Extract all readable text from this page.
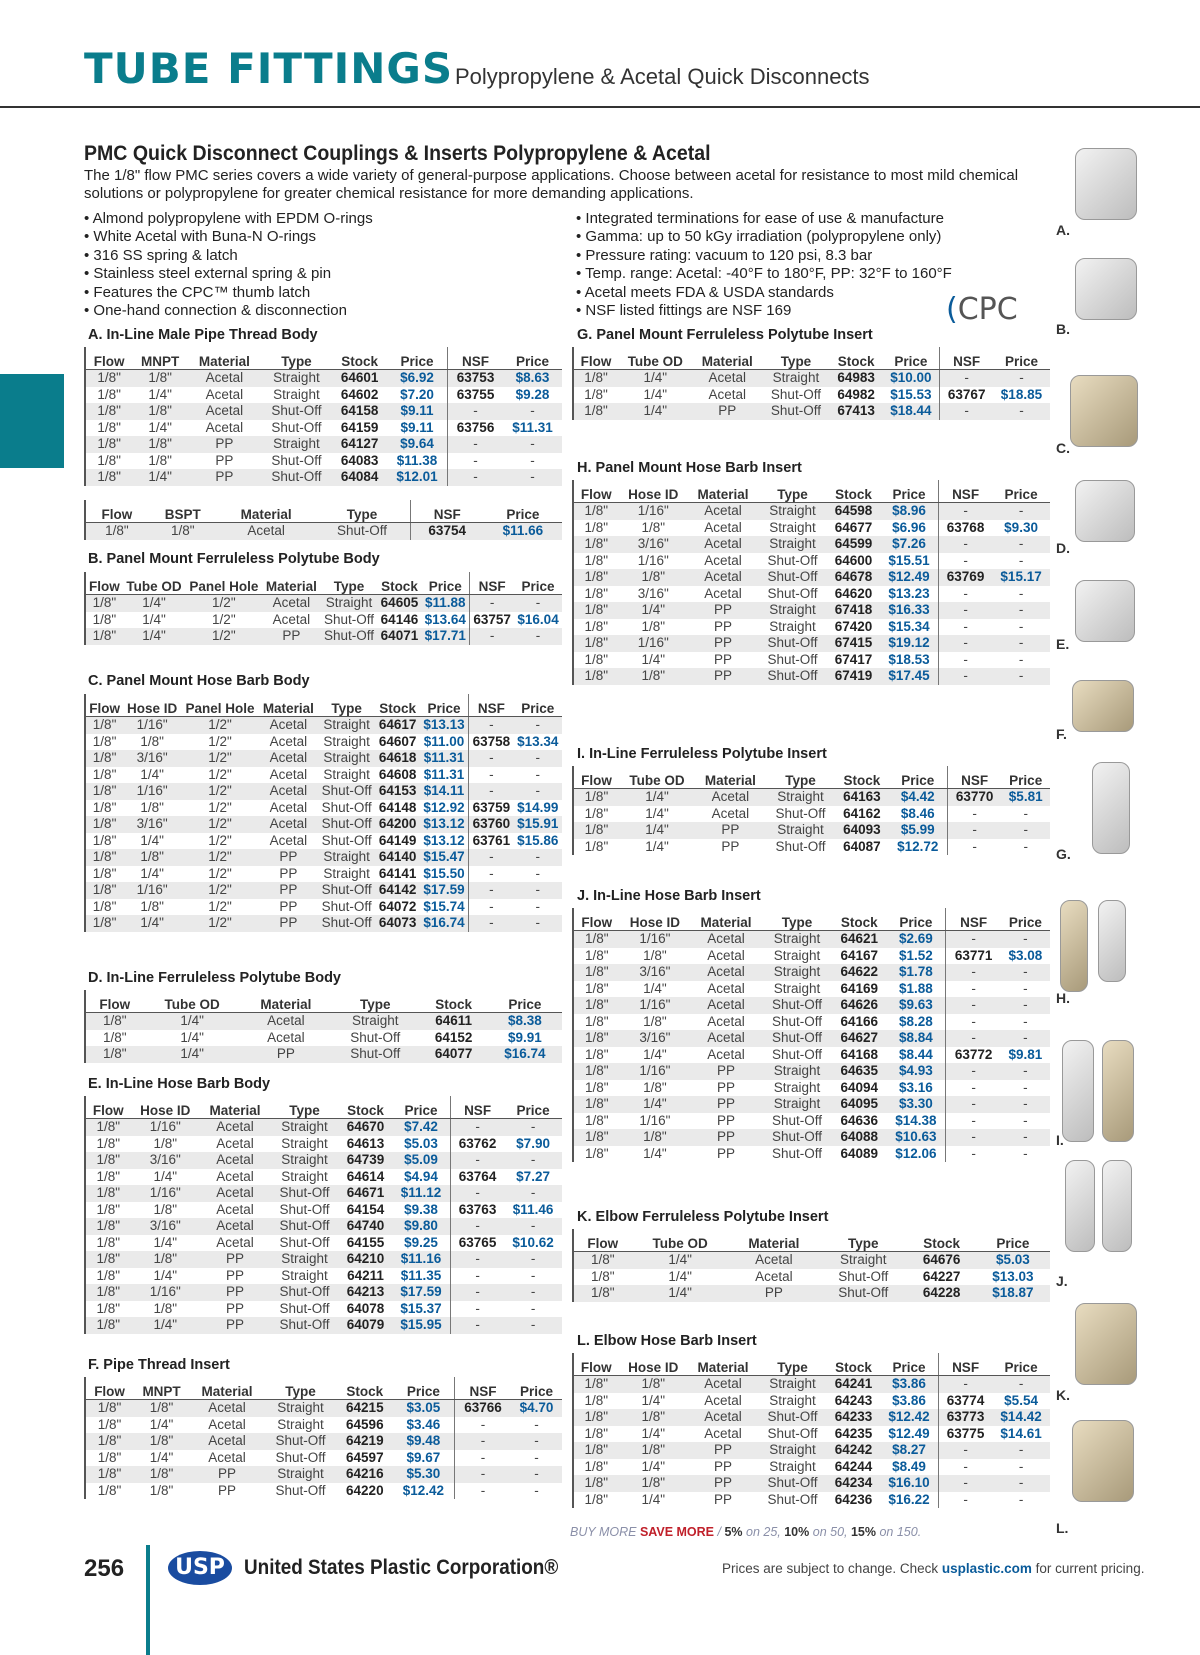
TUBE FITTINGS Polypropylene & Acetal Quick Disconnects
PMC Quick Disconnect Couplings & Inserts Polypropylene & Acetal
The 1/8" flow PMC series covers a wide variety of general-purpose applications. Choose between acetal for resistance to most mild chemical solutions or polypropylene for greater chemical resistance for more demanding applications.
• Almond polypropylene with EPDM O-rings
• White Acetal with Buna-N O-rings
• 316 SS spring & latch
• Stainless steel external spring & pin
• Features the CPC™ thumb latch
• One-hand connection & disconnection
• Integrated terminations for ease of use & manufacture
• Gamma: up to 50 kGy irradiation (polypropylene only)
• Pressure rating: vacuum to 120 psi, 8.3 bar
• Temp. range: Acetal: -40°F to 180°F, PP: 32°F to 160°F
• Acetal meets FDA & USDA standards
• NSF listed fittings are NSF 169	(CPC
A. In-Line Male Pipe Thread Body
Flow	MNPT	Material	Type	Stock	Price	NSF	Price
1/8"	1/8"	Acetal	Straight	64601	$6.92	63753	$8.63
1/8"	1/4"	Acetal	Straight	64602	$7.20	63755	$9.28
1/8"	1/8"	Acetal	Shut-Off	64158	$9.11	-	-
1/8"	1/4"	Acetal	Shut-Off	64159	$9.11	63756	$11.31
1/8"	1/8"	PP	Straight	64127	$9.64	-	-
1/8"	1/8"	PP	Shut-Off	64083	$11.38	-	-
1/8"	1/4"	PP	Shut-Off	64084	$12.01	-	-
Flow	BSPT	Material	Type	NSF	Price
1/8"	1/8"	Acetal	Shut-Off	63754	$11.66
B. Panel Mount Ferruleless Polytube Body
Flow	Tube OD	Panel Hole	Material	Type	Stock	Price	NSF	Price
1/8"	1/4"	1/2"	Acetal	Straight	64605	$11.88	-	-
1/8"	1/4"	1/2"	Acetal	Shut-Off	64146	$13.64	63757	$16.04
1/8"	1/4"	1/2"	PP	Shut-Off	64071	$17.71	-	-
C. Panel Mount Hose Barb Body
Flow	Hose ID	Panel Hole	Material	Type	Stock	Price	NSF	Price
1/8"	1/16"	1/2"	Acetal	Straight	64617	$13.13	-	-
1/8"	1/8"	1/2"	Acetal	Straight	64607	$11.00	63758	$13.34
1/8"	3/16"	1/2"	Acetal	Straight	64618	$11.31	-	-
1/8"	1/4"	1/2"	Acetal	Straight	64608	$11.31	-	-
1/8"	1/16"	1/2"	Acetal	Shut-Off	64153	$14.11	-	-
1/8"	1/8"	1/2"	Acetal	Shut-Off	64148	$12.92	63759	$14.99
1/8"	3/16"	1/2"	Acetal	Shut-Off	64200	$13.12	63760	$15.91
1/8"	1/4"	1/2"	Acetal	Shut-Off	64149	$13.12	63761	$15.86
1/8"	1/8"	1/2"	PP	Straight	64140	$15.47	-	-
1/8"	1/4"	1/2"	PP	Straight	64141	$15.50	-	-
1/8"	1/16"	1/2"	PP	Shut-Off	64142	$17.59	-	-
1/8"	1/8"	1/2"	PP	Shut-Off	64072	$15.74	-	-
1/8"	1/4"	1/2"	PP	Shut-Off	64073	$16.74	-	-
D. In-Line Ferruleless Polytube Body
Flow	Tube OD	Material	Type	Stock	Price
1/8"	1/4"	Acetal	Straight	64611	$8.38
1/8"	1/4"	Acetal	Shut-Off	64152	$9.91
1/8"	1/4"	PP	Shut-Off	64077	$16.74
E. In-Line Hose Barb Body
Flow	Hose ID	Material	Type	Stock	Price	NSF	Price
1/8"	1/16"	Acetal	Straight	64670	$7.42	-	-
1/8"	1/8"	Acetal	Straight	64613	$5.03	63762	$7.90
1/8"	3/16"	Acetal	Straight	64739	$5.09	-	-
1/8"	1/4"	Acetal	Straight	64614	$4.94	63764	$7.27
1/8"	1/16"	Acetal	Shut-Off	64671	$11.12	-	-
1/8"	1/8"	Acetal	Shut-Off	64154	$9.38	63763	$11.46
1/8"	3/16"	Acetal	Shut-Off	64740	$9.80	-	-
1/8"	1/4"	Acetal	Shut-Off	64155	$9.25	63765	$10.62
1/8"	1/8"	PP	Straight	64210	$11.16	-	-
1/8"	1/4"	PP	Straight	64211	$11.35	-	-
1/8"	1/16"	PP	Shut-Off	64213	$17.59	-	-
1/8"	1/8"	PP	Shut-Off	64078	$15.37	-	-
1/8"	1/4"	PP	Shut-Off	64079	$15.95	-	-
F. Pipe Thread Insert
Flow	MNPT	Material	Type	Stock	Price	NSF	Price
1/8"	1/8"	Acetal	Straight	64215	$3.05	63766	$4.70
1/8"	1/4"	Acetal	Straight	64596	$3.46	-	-
1/8"	1/8"	Acetal	Shut-Off	64219	$9.48	-	-
1/8"	1/4"	Acetal	Shut-Off	64597	$9.67	-	-
1/8"	1/8"	PP	Straight	64216	$5.30	-	-
1/8"	1/8"	PP	Shut-Off	64220	$12.42	-	-
G. Panel Mount Ferruleless Polytube Insert
Flow	Tube OD	Material	Type	Stock	Price	NSF	Price
1/8"	1/4"	Acetal	Straight	64983	$10.00	-	-
1/8"	1/4"	Acetal	Shut-Off	64982	$15.53	63767	$18.85
1/8"	1/4"	PP	Shut-Off	67413	$18.44	-	-
H. Panel Mount Hose Barb Insert
Flow	Hose ID	Material	Type	Stock	Price	NSF	Price
1/8"	1/16"	Acetal	Straight	64598	$8.96	-	-
1/8"	1/8"	Acetal	Straight	64677	$6.96	63768	$9.30
1/8"	3/16"	Acetal	Straight	64599	$7.26	-	-
1/8"	1/16"	Acetal	Shut-Off	64600	$15.51	-	-
1/8"	1/8"	Acetal	Shut-Off	64678	$12.49	63769	$15.17
1/8"	3/16"	Acetal	Shut-Off	64620	$13.23	-	-
1/8"	1/4"	PP	Straight	67418	$16.33	-	-
1/8"	1/8"	PP	Straight	67420	$15.34	-	-
1/8"	1/16"	PP	Shut-Off	67415	$19.12	-	-
1/8"	1/4"	PP	Shut-Off	67417	$18.53	-	-
1/8"	1/8"	PP	Shut-Off	67419	$17.45	-	-
I. In-Line Ferruleless Polytube Insert
Flow	Tube OD	Material	Type	Stock	Price	NSF	Price
1/8"	1/4"	Acetal	Straight	64163	$4.42	63770	$5.81
1/8"	1/4"	Acetal	Shut-Off	64162	$8.46	-	-
1/8"	1/4"	PP	Straight	64093	$5.99	-	-
1/8"	1/4"	PP	Shut-Off	64087	$12.72	-	-
J. In-Line Hose Barb Insert
Flow	Hose ID	Material	Type	Stock	Price	NSF	Price
1/8"	1/16"	Acetal	Straight	64621	$2.69	-	-
1/8"	1/8"	Acetal	Straight	64167	$1.52	63771	$3.08
1/8"	3/16"	Acetal	Straight	64622	$1.78	-	-
1/8"	1/4"	Acetal	Straight	64169	$1.88	-	-
1/8"	1/16"	Acetal	Shut-Off	64626	$9.63	-	-
1/8"	1/8"	Acetal	Shut-Off	64166	$8.28	-	-
1/8"	3/16"	Acetal	Shut-Off	64627	$8.84	-	-
1/8"	1/4"	Acetal	Shut-Off	64168	$8.44	63772	$9.81
1/8"	1/16"	PP	Straight	64635	$4.93	-	-
1/8"	1/8"	PP	Straight	64094	$3.16	-	-
1/8"	1/4"	PP	Straight	64095	$3.30	-	-
1/8"	1/16"	PP	Shut-Off	64636	$14.38	-	-
1/8"	1/8"	PP	Shut-Off	64088	$10.63	-	-
1/8"	1/4"	PP	Shut-Off	64089	$12.06	-	-
K. Elbow Ferruleless Polytube Insert
Flow	Tube OD	Material	Type	Stock	Price
1/8"	1/4"	Acetal	Straight	64676	$5.03
1/8"	1/4"	Acetal	Shut-Off	64227	$13.03
1/8"	1/4"	PP	Shut-Off	64228	$18.87
L. Elbow Hose Barb Insert
Flow	Hose ID	Material	Type	Stock	Price	NSF	Price
1/8"	1/8"	Acetal	Straight	64241	$3.86	-	-
1/8"	1/4"	Acetal	Straight	64243	$3.86	63774	$5.54
1/8"	1/8"	Acetal	Shut-Off	64233	$12.42	63773	$14.42
1/8"	1/4"	Acetal	Shut-Off	64235	$12.49	63775	$14.61
1/8"	1/8"	PP	Straight	64242	$8.27	-	-
1/8"	1/4"	PP	Straight	64244	$8.49	-	-
1/8"	1/8"	PP	Shut-Off	64234	$16.10	-	-
1/8"	1/4"	PP	Shut-Off	64236	$16.22	-	-
A.
B.
C.
D.
E.
F.
G.
H.
I.
J.
K.
L.
BUY MORE SAVE MORE / 5% on 25, 10% on 50, 15% on 150.
256	USP United States Plastic Corporation®	Prices are subject to change. Check usplastic.com for current pricing.
